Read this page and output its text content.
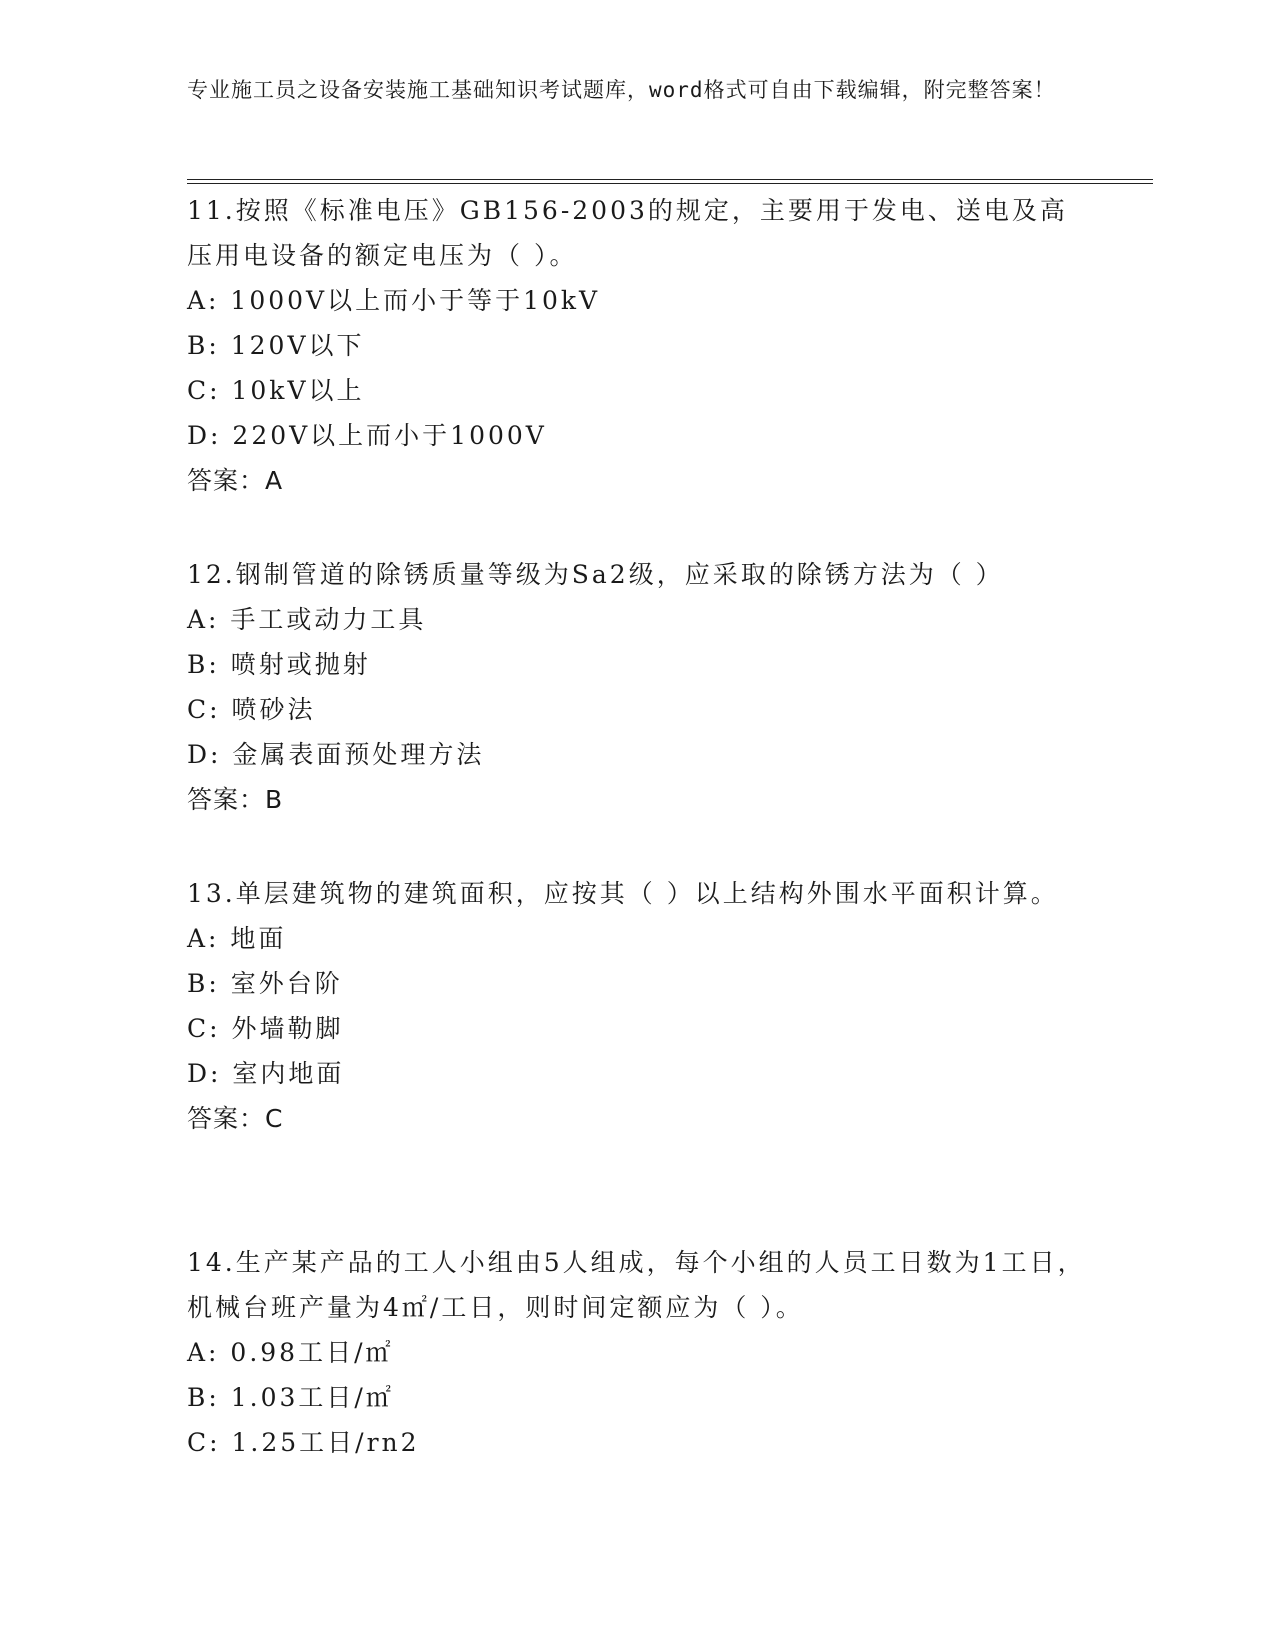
专业施工员之设备安装施工基础知识考试题库，word格式可自由下载编辑，附完整答案！

11.按照《标准电压》GB156-2003的规定，主要用于发电、送电及高压用电设备的额定电压为（ ）。

A: 1000V以上而小于等于10kV

B: 120V以下

C: 10kV以上

D: 220V以上而小于1000V

答案：A

12.钢制管道的除锈质量等级为Sa2级，应采取的除锈方法为（ ）

A: 手工或动力工具

B: 喷射或抛射

C: 喷砂法

D: 金属表面预处理方法

答案：B

13.单层建筑物的建筑面积，应按其（ ）以上结构外围水平面积计算。

A: 地面

B: 室外台阶

C: 外墙勒脚

D: 室内地面

答案：C

14.生产某产品的工人小组由5人组成，每个小组的人员工日数为1工日，机械台班产量为4㎡/工日，则时间定额应为（ ）。

A: 0.98工日/㎡

B: 1.03工日/㎡

C: 1.25工日/rn2
